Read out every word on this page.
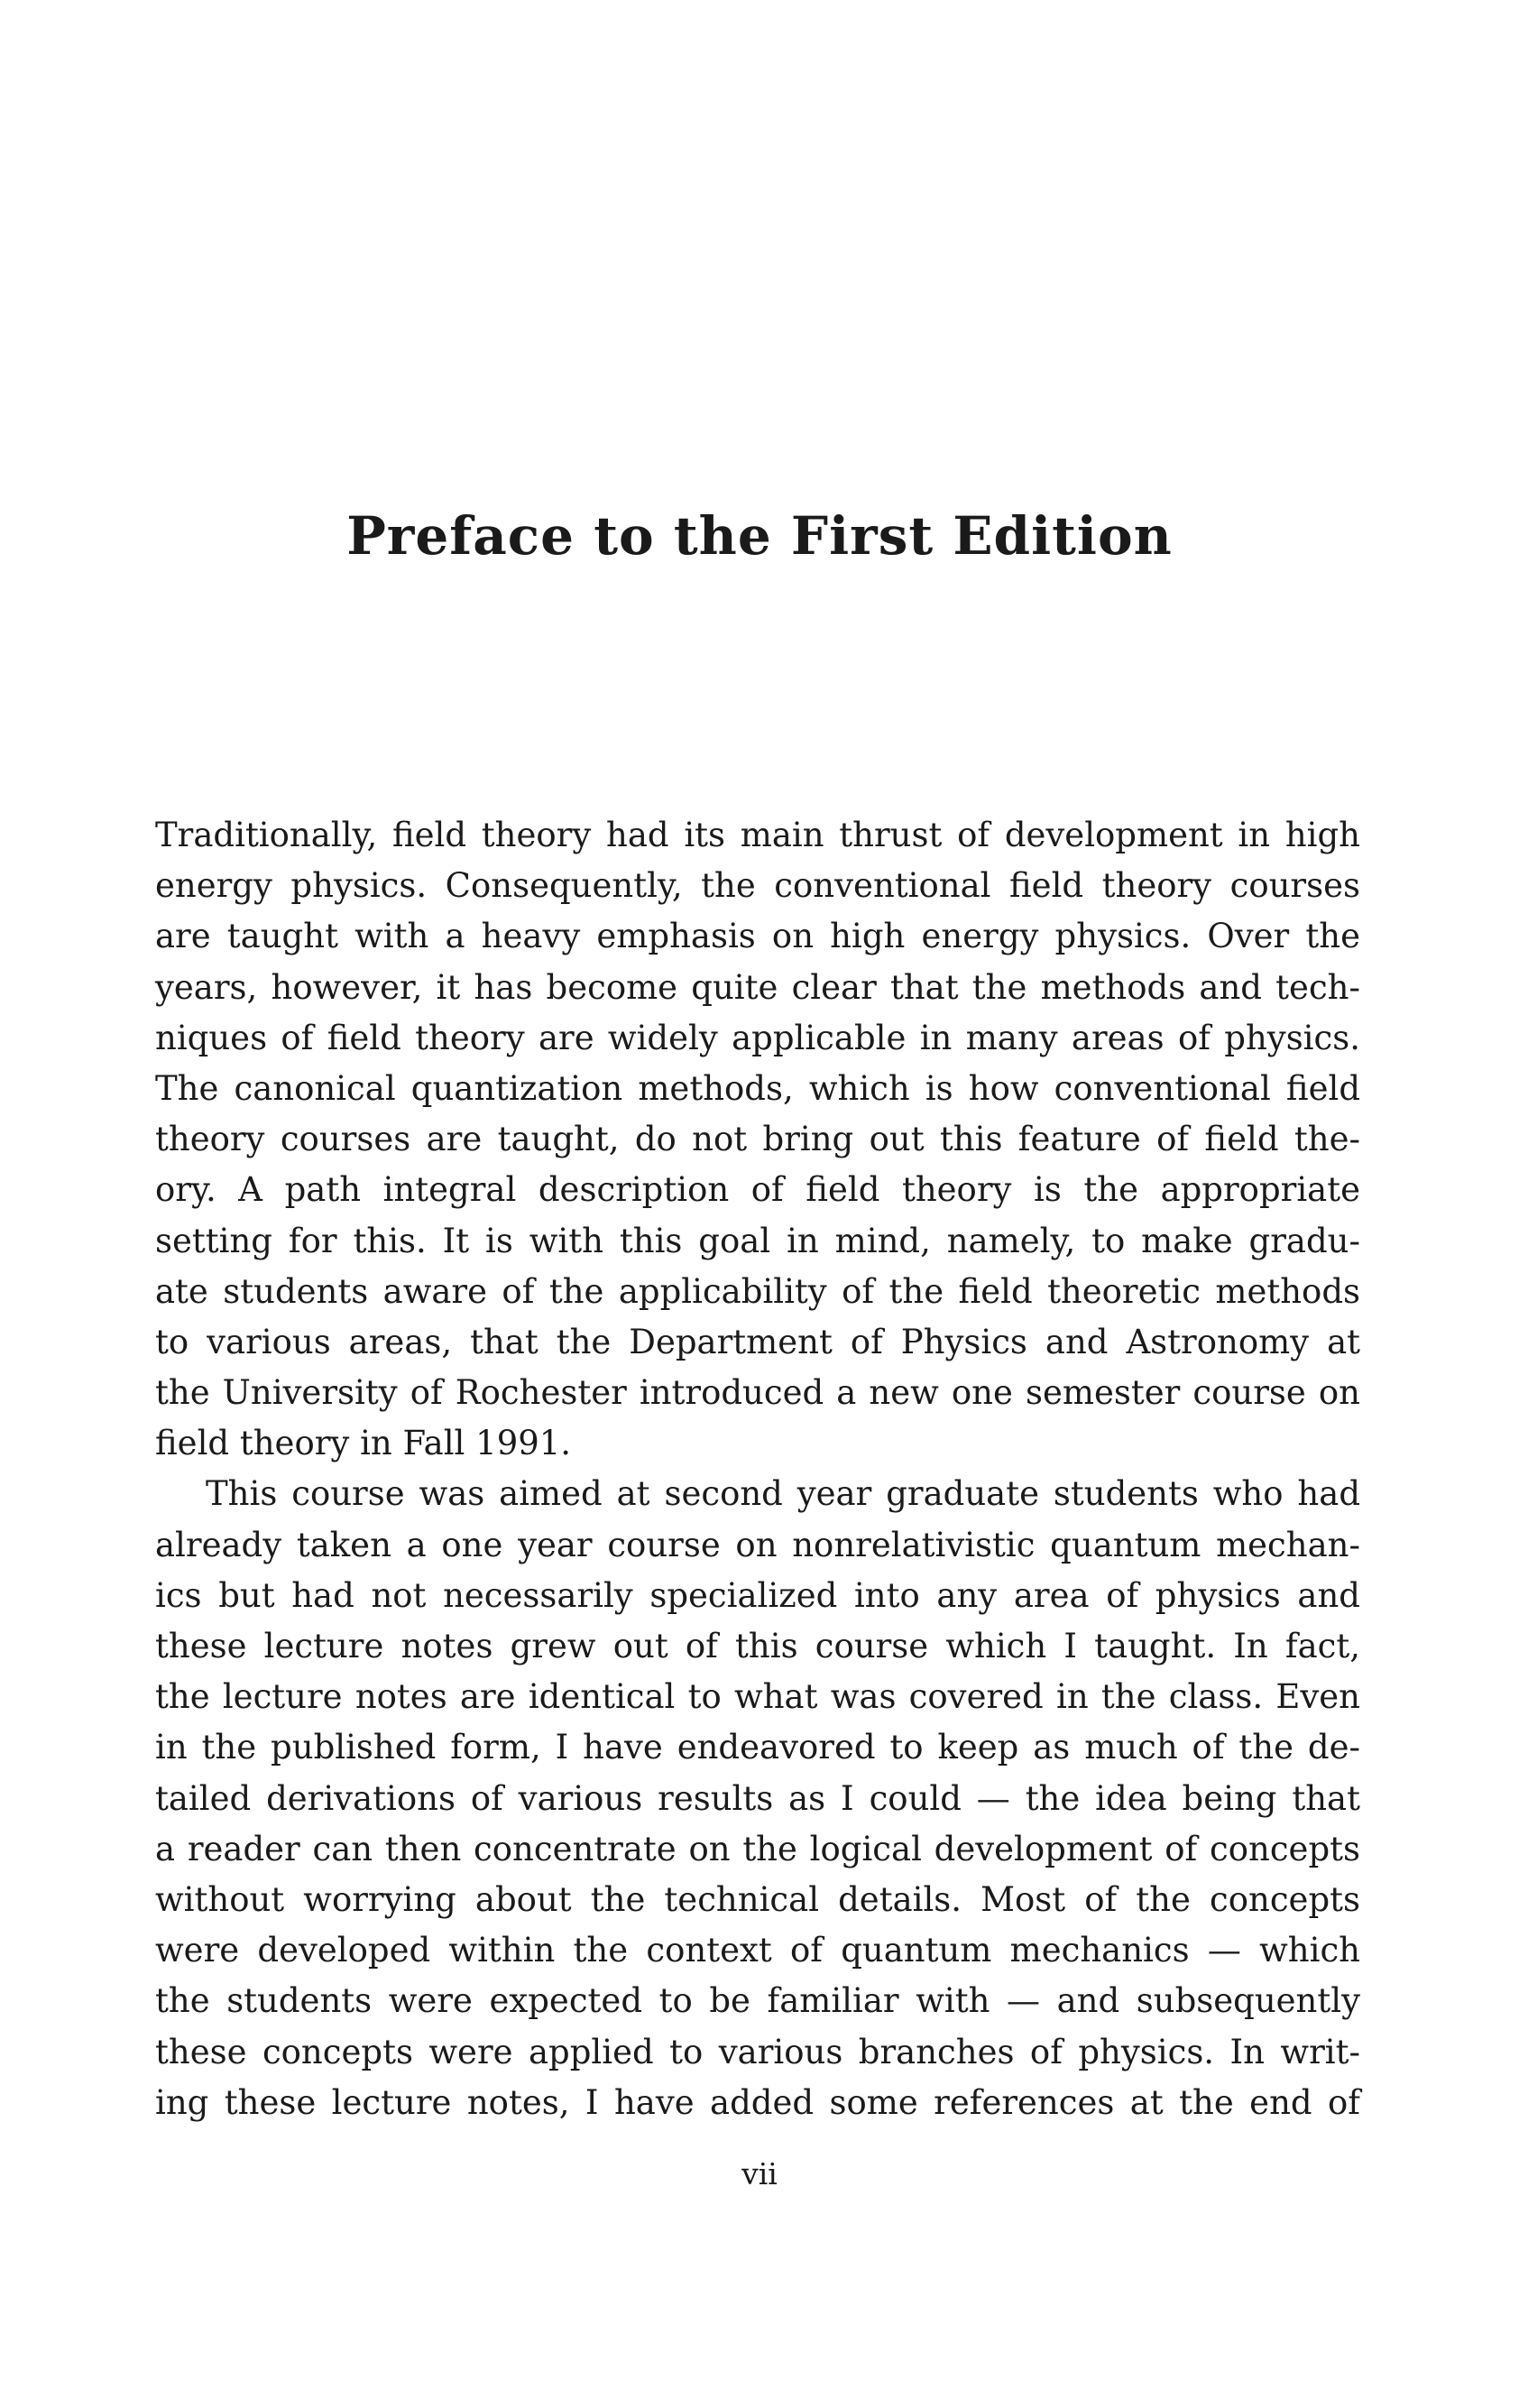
Preface to the First Edition
Traditionally, field theory had its main thrust of development in high
energy physics. Consequently, the conventional field theory courses
are taught with a heavy emphasis on high energy physics. Over the
years, however, it has become quite clear that the methods and tech-
niques of field theory are widely applicable in many areas of physics.
The canonical quantization methods, which is how conventional field
theory courses are taught, do not bring out this feature of field the-
ory. A path integral description of field theory is the appropriate
setting for this. It is with this goal in mind, namely, to make gradu-
ate students aware of the applicability of the field theoretic methods
to various areas, that the Department of Physics and Astronomy at
the University of Rochester introduced a new one semester course on
field theory in Fall 1991.
This course was aimed at second year graduate students who had
already taken a one year course on nonrelativistic quantum mechan-
ics but had not necessarily specialized into any area of physics and
these lecture notes grew out of this course which I taught. In fact,
the lecture notes are identical to what was covered in the class. Even
in the published form, I have endeavored to keep as much of the de-
tailed derivations of various results as I could — the idea being that
a reader can then concentrate on the logical development of concepts
without worrying about the technical details. Most of the concepts
were developed within the context of quantum mechanics — which
the students were expected to be familiar with — and subsequently
these concepts were applied to various branches of physics. In writ-
ing these lecture notes, I have added some references at the end of
vii
